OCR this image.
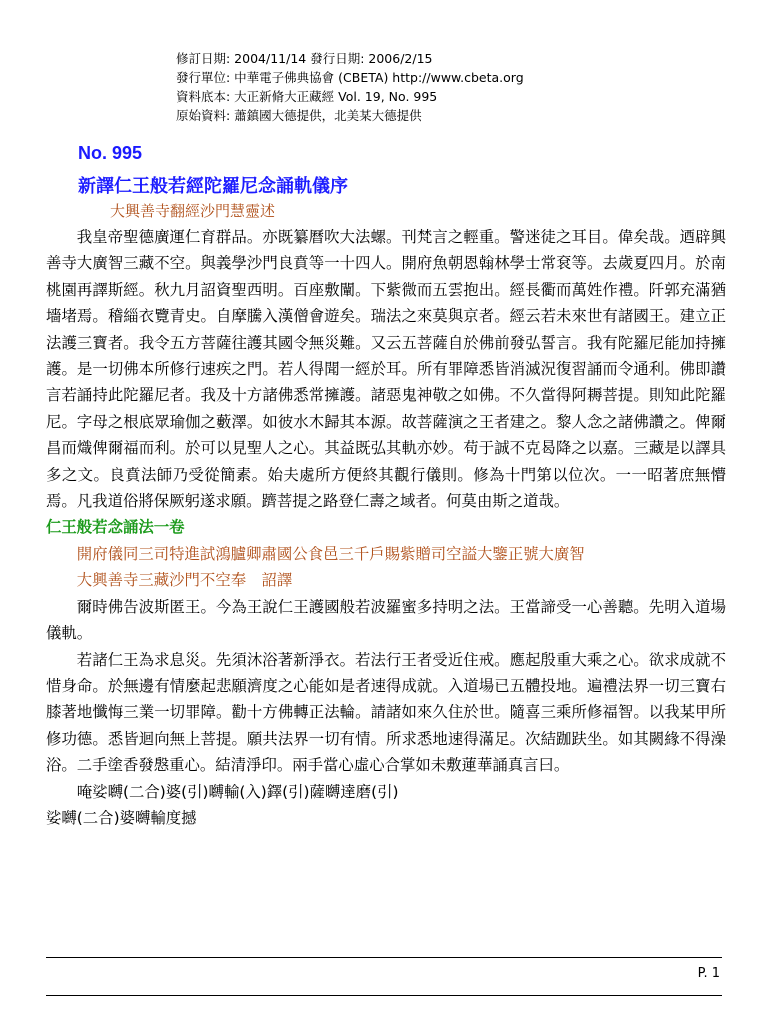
修訂日期: 2004/11/14 發行日期: 2006/2/15
發行單位: 中華電子佛典協會 (CBETA) http://www.cbeta.org
資料底本: 大正新脩大正藏經 Vol. 19, No. 995
原始資料: 蕭鎮國大德提供，北美某大德提供
No. 995
新譯仁王般若經陀羅尼念誦軌儀序
大興善寺翻經沙門慧靈述

我皇帝聖德廣運仁育群品。亦既纂曆吹大法螺。刊梵言之輕重。警迷徒之耳目。偉矣哉。迺辟興善寺大廣智三藏不空。與義學沙門良賁等一十四人。開府魚朝恩翰林學士常袞等。去歲夏四月。於南桃園再譯斯經。秋九月詔資聖西明。百座敷闡。下紫微而五雲抱出。經長衢而萬姓作禮。阡郭充滿猶墻堵焉。稽緇衣覽青史。自摩騰入漢僧會遊矣。瑞法之來莫與京者。經云若未來世有諸國王。建立正法護三寶者。我令五方菩薩往護其國令無災難。又云五菩薩自於佛前發弘誓言。我有陀羅尼能加持擁護。是一切佛本所修行速疾之門。若人得聞一經於耳。所有罪障悉皆消滅況復習誦而令通利。佛即讚言若誦持此陀羅尼者。我及十方諸佛悉常擁護。諸惡鬼神敬之如佛。不久當得阿耨菩提。則知此陀羅尼。字母之根底眾瑜伽之藪澤。如彼水木歸其本源。故菩薩演之王者建之。黎人念之諸佛讚之。俾爾昌而熾俾爾福而利。於可以見聖人之心。其益既弘其軌亦妙。苟于誠不克曷降之以嘉。三藏是以譯具多之文。良賁法師乃受從簡素。始夫處所方便終其觀行儀則。修為十門第以位次。一一昭著庶無懵焉。凡我道俗將保厥躬遂求願。躋菩提之路登仁壽之域者。何莫由斯之道哉。

仁王般若念誦法一卷
開府儀同三司特進試鴻臚卿肅國公食邑三千戶賜紫贈司空謚大鑒正號大廣智
大興善寺三藏沙門不空奉　詔譯

爾時佛告波斯匿王。今為王說仁王護國般若波羅蜜多持明之法。王當諦受一心善聽。先明入道場儀軌。

若諸仁王為求息災。先須沐浴著新淨衣。若法行王者受近住戒。應起殷重大乘之心。欲求成就不惜身命。於無邊有情麼起悲願濟度之心能如是者速得成就。入道場已五體投地。遍禮法界一切三寶右膝著地懺悔三業一切罪障。勸十方佛轉正法輪。請諸如來久住於世。隨喜三乘所修福智。以我某甲所修功德。悉皆迴向無上菩提。願共法界一切有情。所求悉地速得滿足。次結跏趺坐。如其闕緣不得澡浴。二手塗香發慇重心。結清淨印。兩手當心虛心合掌如未敷蓮華誦真言曰。

唵娑嚩(二合)婆(引)嚩輸(入)鐸(引)薩嚩達磨(引)
娑嚩(二合)婆嚩輸度撼
P. 1
